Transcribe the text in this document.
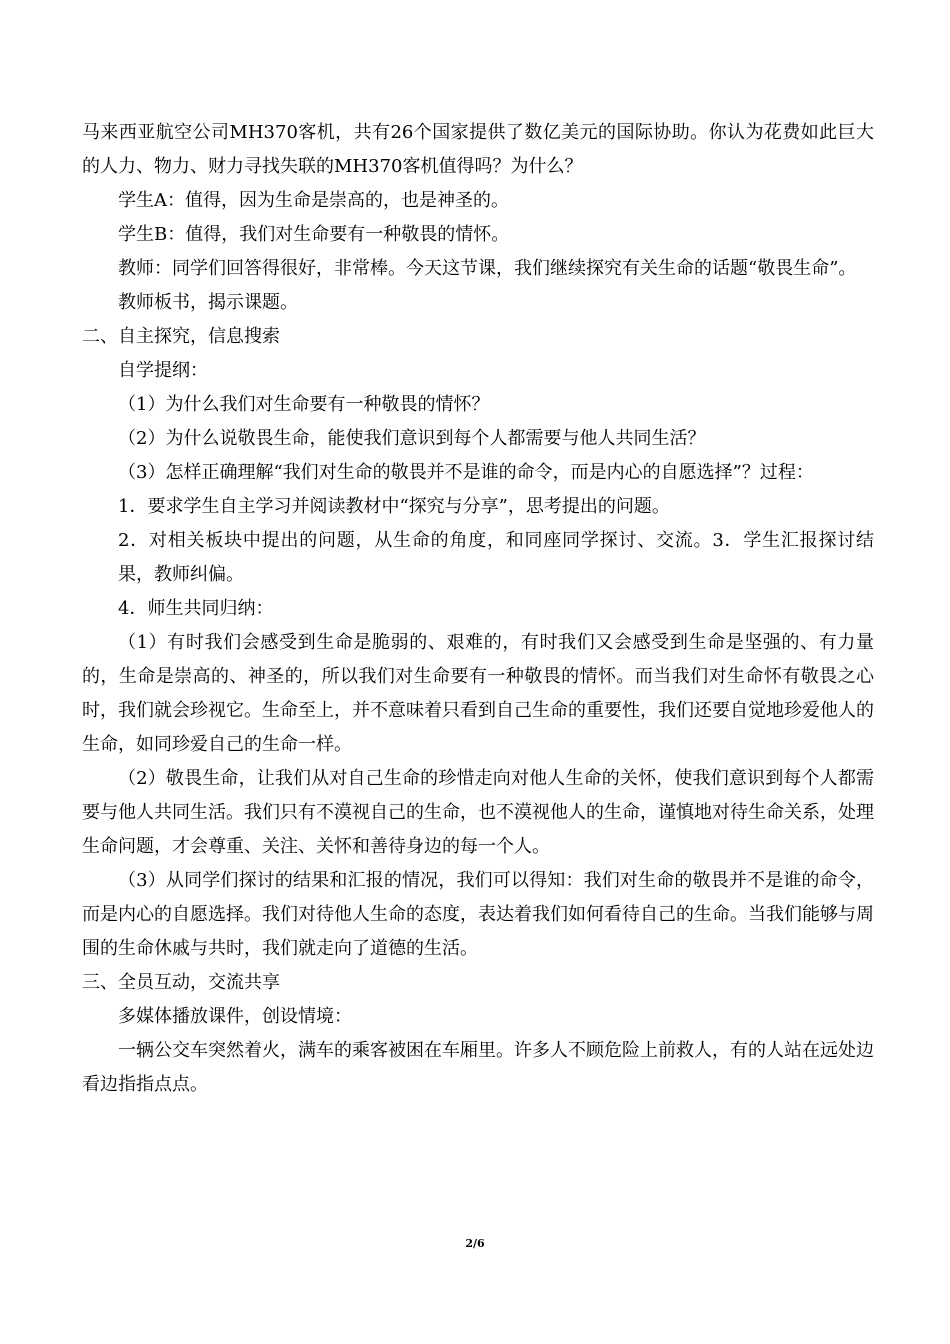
马来西亚航空公司MH370客机，共有26个国家提供了数亿美元的国际协助。你认为花费如此巨大的人力、物力、财力寻找失联的MH370客机值得吗？为什么？

学生A：值得，因为生命是崇高的，也是神圣的。

学生B：值得，我们对生命要有一种敬畏的情怀。

教师：同学们回答得很好，非常棒。今天这节课，我们继续探究有关生命的话题“敬畏生命”。

教师板书，揭示课题。

二、自主探究，信息搜索

自学提纲：

（1）为什么我们对生命要有一种敬畏的情怀？

（2）为什么说敬畏生命，能使我们意识到每个人都需要与他人共同生活？

（3）怎样正确理解“我们对生命的敬畏并不是谁的命令，而是内心的自愿选择”？过程：

1．要求学生自主学习并阅读教材中“探究与分享”，思考提出的问题。

2．对相关板块中提出的问题，从生命的角度，和同座同学探讨、交流。3．学生汇报探讨结果，教师纠偏。

4．师生共同归纳：

（1）有时我们会感受到生命是脆弱的、艰难的，有时我们又会感受到生命是坚强的、有力量的，生命是崇高的、神圣的，所以我们对生命要有一种敬畏的情怀。而当我们对生命怀有敬畏之心时，我们就会珍视它。生命至上，并不意味着只看到自己生命的重要性，我们还要自觉地珍爱他人的生命，如同珍爱自己的生命一样。

（2）敬畏生命，让我们从对自己生命的珍惜走向对他人生命的关怀，使我们意识到每个人都需要与他人共同生活。我们只有不漠视自己的生命，也不漠视他人的生命，谨慎地对待生命关系，处理生命问题，才会尊重、关注、关怀和善待身边的每一个人。

（3）从同学们探讨的结果和汇报的情况，我们可以得知：我们对生命的敬畏并不是谁的命令，而是内心的自愿选择。我们对待他人生命的态度，表达着我们如何看待自己的生命。当我们能够与周围的生命休戚与共时，我们就走向了道德的生活。

三、全员互动，交流共享

多媒体播放课件，创设情境：

一辆公交车突然着火，满车的乘客被困在车厢里。许多人不顾危险上前救人，有的人站在远处边看边指指点点。

2/6
